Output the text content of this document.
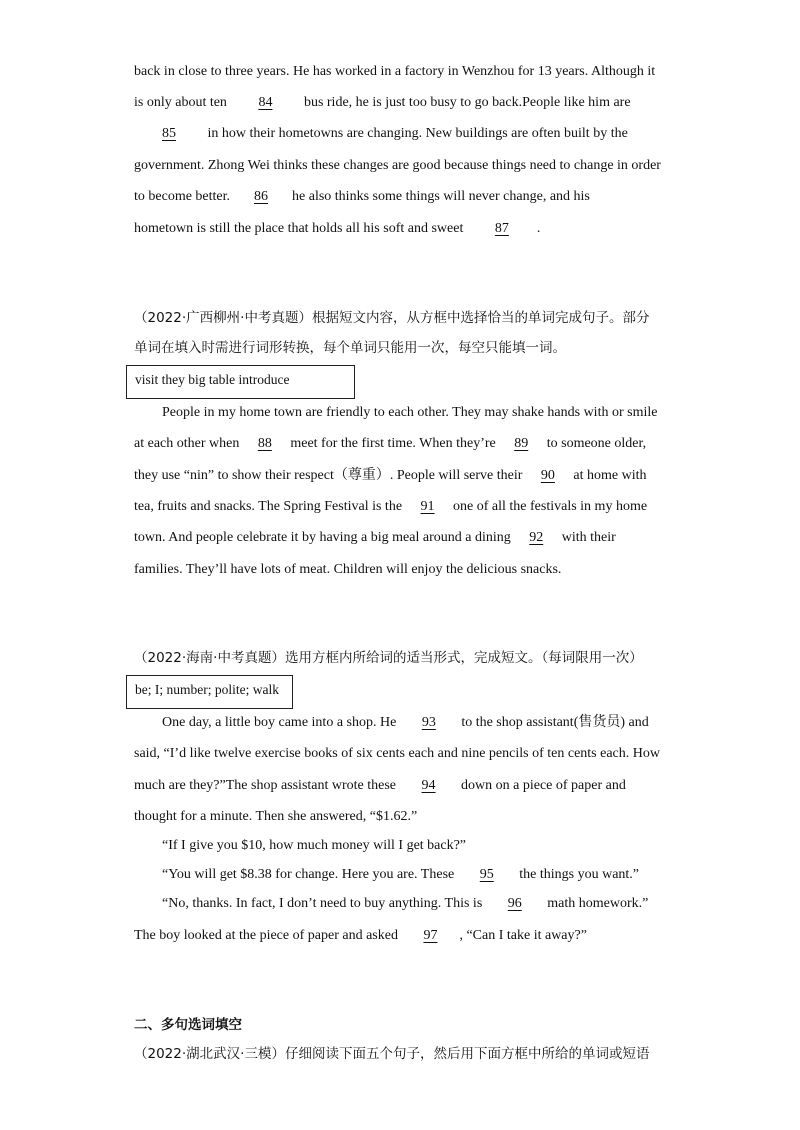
back in close to three years. He has worked in a factory in Wenzhou for 13 years. Although it
is only about ten 84 bus ride, he is just too busy to go back.People like him are
85 in how their hometowns are changing. New buildings are often built by the
government. Zhong Wei thinks these changes are good because things need to change in order
to become better. 86 he also thinks some things will never change, and his
hometown is still the place that holds all his soft and sweet 87 .
（2022·广西柳州·中考真题）根据短文内容，从方框中选择恰当的单词完成句子。部分
单词在填入时需进行词形转换，每个单词只能用一次，每空只能填一词。
visit they big table introduce
People in my home town are friendly to each other. They may shake hands with or smile
at each other when 88 meet for the first time. When they’re 89 to someone older,
they use “nin” to show their respect（尊重）. People will serve their 90 at home with
tea, fruits and snacks. The Spring Festival is the 91 one of all the festivals in my home
town. And people celebrate it by having a big meal around a dining 92 with their
families. They’ll have lots of meat. Children will enjoy the delicious snacks.
（2022·海南·中考真题）选用方框内所给词的适当形式，完成短文。（每词限用一次）
be; I; number; polite; walk
One day, a little boy came into a shop. He 93 to the shop assistant(售货员) and
said, “I’d like twelve exercise books of six cents each and nine pencils of ten cents each. How
much are they?”The shop assistant wrote these 94 down on a piece of paper and
thought for a minute. Then she answered, “$1.62.”
“If I give you $10, how much money will I get back?”
“You will get $8.38 for change. Here you are. These 95 the things you want.”
“No, thanks. In fact, I don’t need to buy anything. This is 96 math homework.”
The boy looked at the piece of paper and asked 97 , “Can I take it away?”
二、多句选词填空
（2022·湖北武汉·三模）仔细阅读下面五个句子，然后用下面方框中所给的单词或短语
